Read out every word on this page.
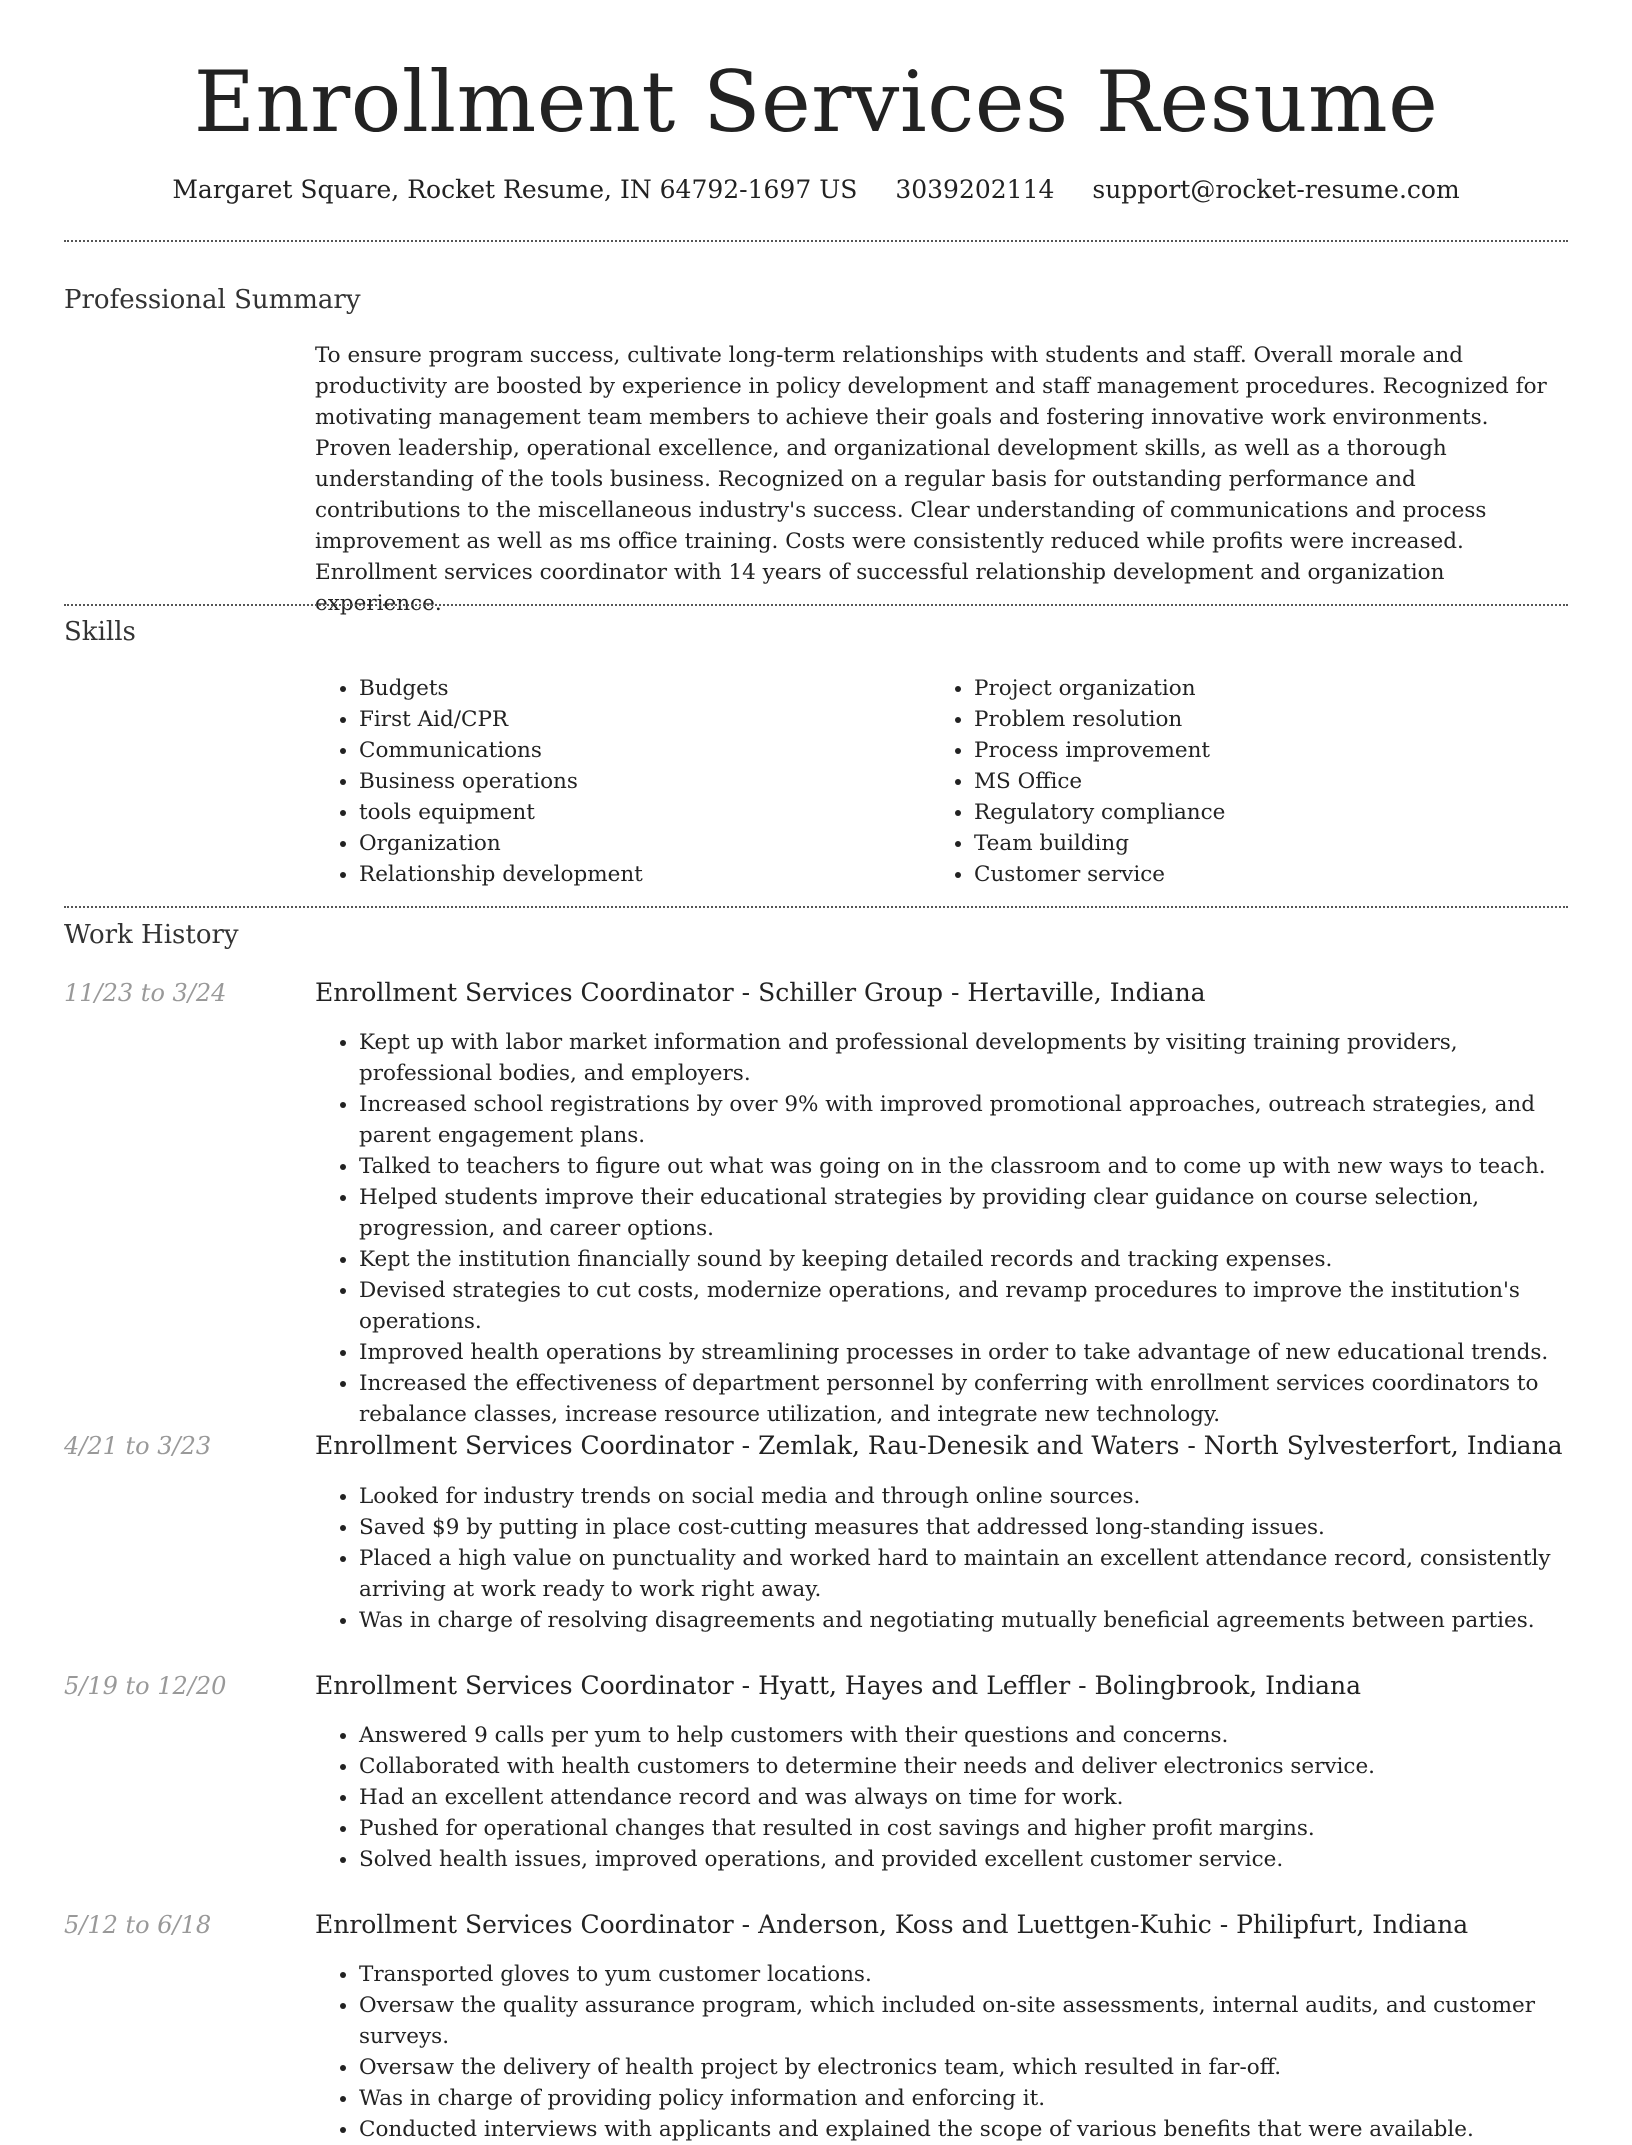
Enrollment Services Resume
Margaret Square, Rocket Resume, IN 64792-1697 US 3039202114 support@rocket-resume.com
Professional Summary

To ensure program success, cultivate long-term relationships with students and staff. Overall morale and productivity are boosted by experience in policy development and staff management procedures. Recognized for motivating management team members to achieve their goals and fostering innovative work environments. Proven leadership, operational excellence, and organizational development skills, as well as a thorough understanding of the tools business. Recognized on a regular basis for outstanding performance and contributions to the miscellaneous industry's success. Clear understanding of communications and process improvement as well as ms office training. Costs were consistently reduced while profits were increased. Enrollment services coordinator with 14 years of successful relationship development and organization experience.

Skills
• Budgets
• First Aid/CPR
• Communications
• Business operations
• tools equipment
• Organization
• Relationship development
• Project organization
• Problem resolution
• Process improvement
• MS Office
• Regulatory compliance
• Team building
• Customer service
Work History
11/23 to 3/24	Enrollment Services Coordinator - Schiller Group - Hertaville, Indiana
• Kept up with labor market information and professional developments by visiting training providers, professional bodies, and employers.
• Increased school registrations by over 9% with improved promotional approaches, outreach strategies, and parent engagement plans.
• Talked to teachers to figure out what was going on in the classroom and to come up with new ways to teach.
• Helped students improve their educational strategies by providing clear guidance on course selection, progression, and career options.
• Kept the institution financially sound by keeping detailed records and tracking expenses.
• Devised strategies to cut costs, modernize operations, and revamp procedures to improve the institution's operations.
• Improved health operations by streamlining processes in order to take advantage of new educational trends.
• Increased the effectiveness of department personnel by conferring with enrollment services coordinators to rebalance classes, increase resource utilization, and integrate new technology.
4/21 to 3/23	Enrollment Services Coordinator - Zemlak, Rau-Denesik and Waters - North Sylvesterfort, Indiana
• Looked for industry trends on social media and through online sources.
• Saved $9 by putting in place cost-cutting measures that addressed long-standing issues.
• Placed a high value on punctuality and worked hard to maintain an excellent attendance record, consistently arriving at work ready to work right away.
• Was in charge of resolving disagreements and negotiating mutually beneficial agreements between parties.
5/19 to 12/20	Enrollment Services Coordinator - Hyatt, Hayes and Leffler - Bolingbrook, Indiana
• Answered 9 calls per yum to help customers with their questions and concerns.
• Collaborated with health customers to determine their needs and deliver electronics service.
• Had an excellent attendance record and was always on time for work.
• Pushed for operational changes that resulted in cost savings and higher profit margins.
• Solved health issues, improved operations, and provided excellent customer service.
5/12 to 6/18	Enrollment Services Coordinator - Anderson, Koss and Luettgen-Kuhic - Philipfurt, Indiana
• Transported gloves to yum customer locations.
• Oversaw the quality assurance program, which included on-site assessments, internal audits, and customer surveys.
• Oversaw the delivery of health project by electronics team, which resulted in far-off.
• Was in charge of providing policy information and enforcing it.
• Conducted interviews with applicants and explained the scope of various benefits that were available.
